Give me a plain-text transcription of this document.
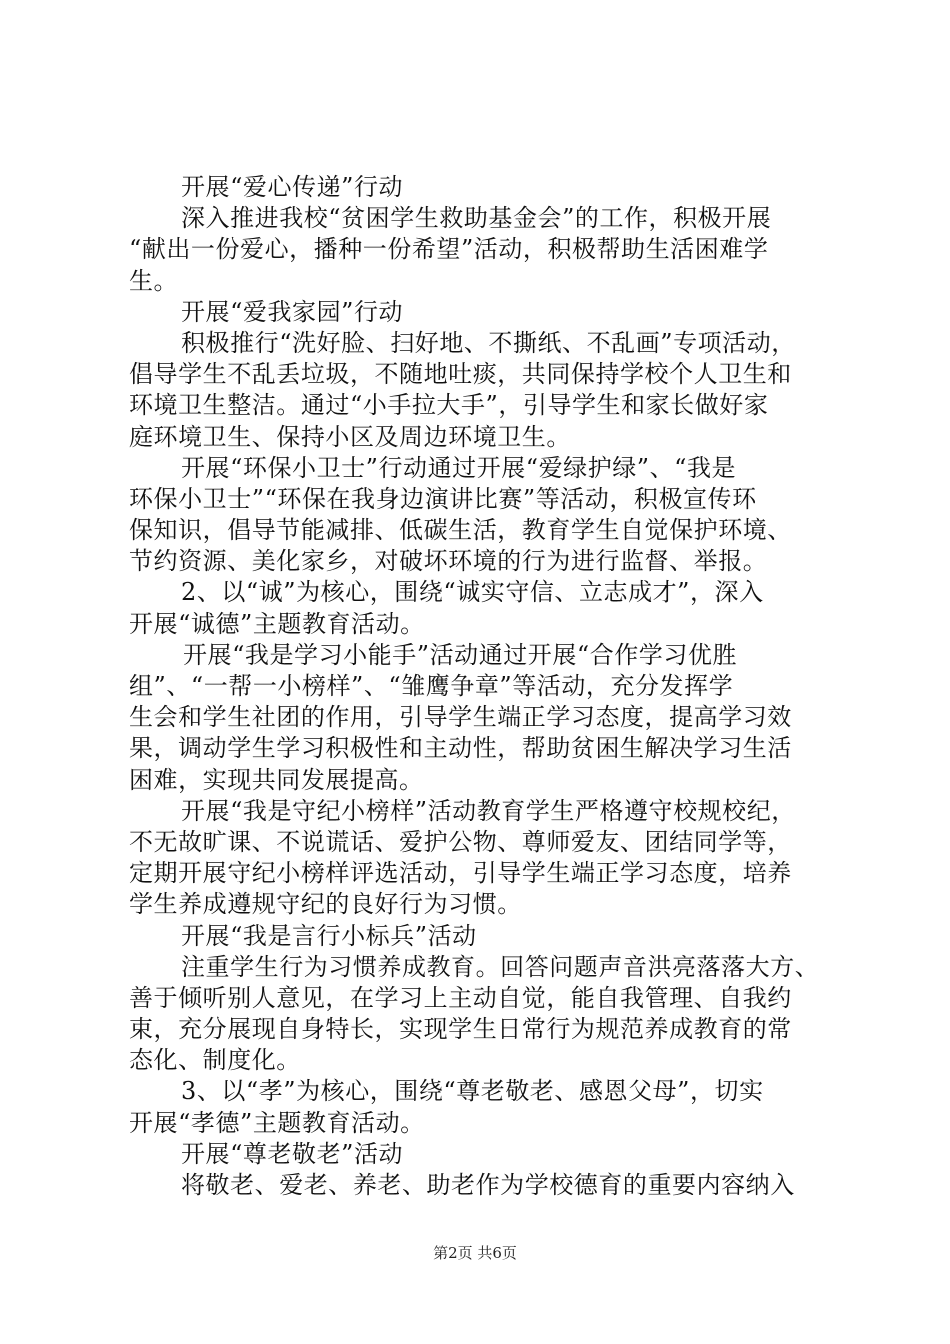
开展“爱心传递”行动
深入推进我校“贫困学生救助基金会”的工作，积极开展
“献出一份爱心，播种一份希望”活动，积极帮助生活困难学
生。
开展“爱我家园”行动
积极推行“洗好脸、扫好地、不撕纸、不乱画”专项活动，
倡导学生不乱丢垃圾，不随地吐痰，共同保持学校个人卫生和
环境卫生整洁。通过“小手拉大手”，引导学生和家长做好家
庭环境卫生、保持小区及周边环境卫生。
开展“环保小卫士”行动通过开展“爱绿护绿”、“我是
环保小卫士”“环保在我身边演讲比赛”等活动，积极宣传环
保知识，倡导节能减排、低碳生活，教育学生自觉保护环境、
节约资源、美化家乡，对破坏环境的行为进行监督、举报。
2、以“诚”为核心，围绕“诚实守信、立志成才”，深入
开展“诚德”主题教育活动。
开展“我是学习小能手”活动通过开展“合作学习优胜
组”、“一帮一小榜样”、“雏鹰争章”等活动，充分发挥学
生会和学生社团的作用，引导学生端正学习态度，提高学习效
果，调动学生学习积极性和主动性，帮助贫困生解决学习生活
困难，实现共同发展提高。
开展“我是守纪小榜样”活动教育学生严格遵守校规校纪，
不无故旷课、不说谎话、爱护公物、尊师爱友、团结同学等，
定期开展守纪小榜样评选活动，引导学生端正学习态度，培养
学生养成遵规守纪的良好行为习惯。
开展“我是言行小标兵”活动
注重学生行为习惯养成教育。回答问题声音洪亮落落大方、
善于倾听别人意见，在学习上主动自觉，能自我管理、自我约
束，充分展现自身特长，实现学生日常行为规范养成教育的常
态化、制度化。
3、以“孝”为核心，围绕“尊老敬老、感恩父母”，切实
开展“孝德”主题教育活动。
开展“尊老敬老”活动
将敬老、爱老、养老、助老作为学校德育的重要内容纳入
第2页 共6页
